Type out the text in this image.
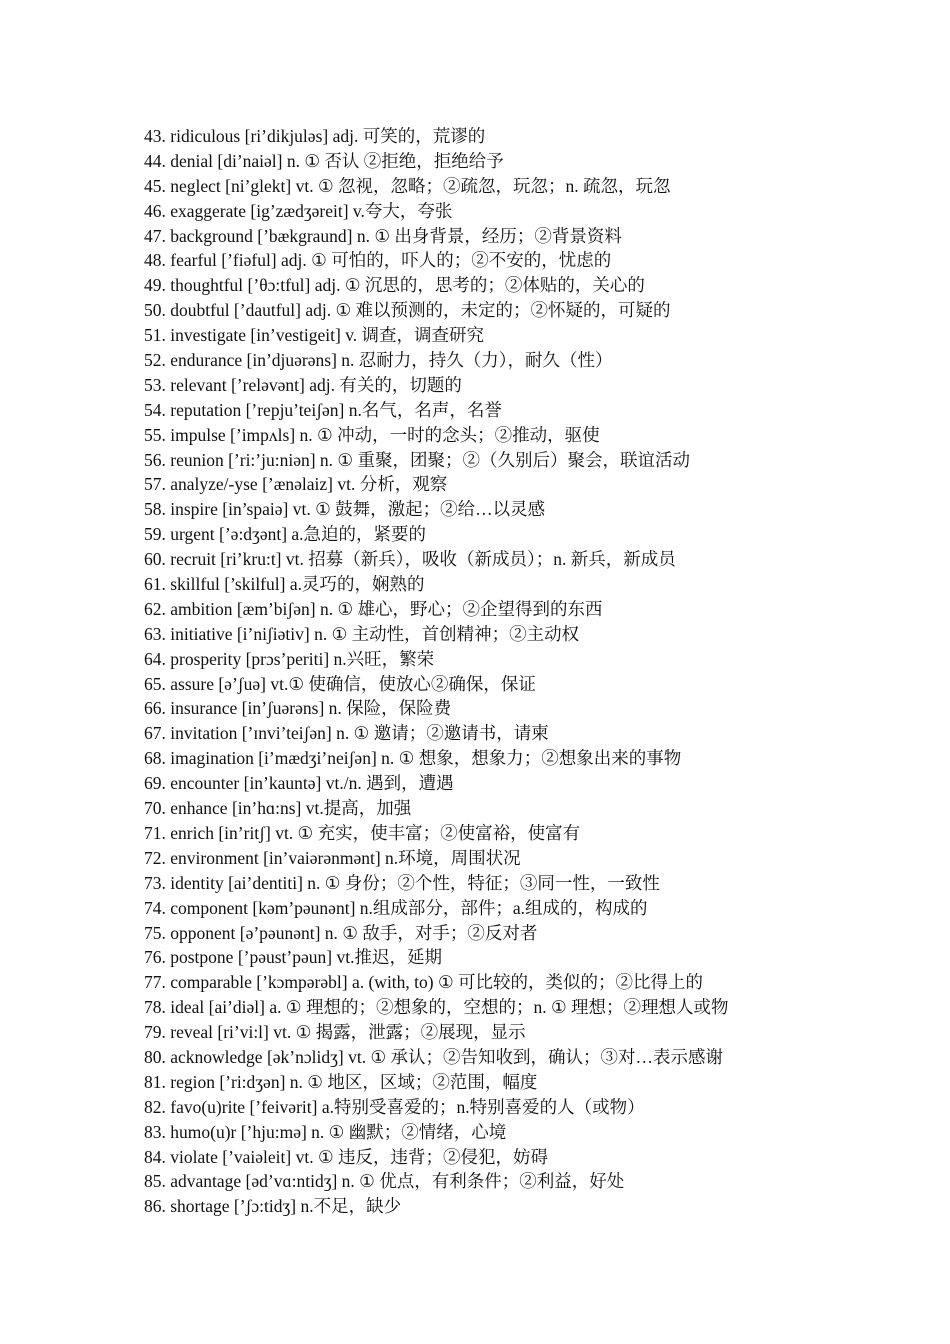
43. ridiculous [ri’dikjuləs] adj. 可笑的，荒谬的
44. denial [di’naiəl] n. ① 否认 ②拒绝，拒绝给予
45. neglect [ni’glekt] vt. ① 忽视，忽略；②疏忽，玩忽；n. 疏忽，玩忽
46. exaggerate [ig’zædʒəreit] v.夸大，夸张
47. background [’bækgraund] n. ① 出身背景，经历；②背景资料
48. fearful [’fiəful] adj. ① 可怕的，吓人的；②不安的，忧虑的
49. thoughtful [’θɔ:tful] adj. ① 沉思的，思考的；②体贴的，关心的
50. doubtful [’dautful] adj. ① 难以预测的，未定的；②怀疑的，可疑的
51. investigate [in’vestigeit] v. 调查，调查研究
52. endurance [in’djuərəns] n. 忍耐力，持久（力），耐久（性）
53. relevant [’reləvənt] adj. 有关的，切题的
54. reputation [’repju’teiʃən] n.名气，名声，名誉
55. impulse [’impʌls] n. ① 冲动，一时的念头；②推动，驱使
56. reunion [’ri:’ju:niən] n. ① 重聚，团聚；②（久别后）聚会，联谊活动
57. analyze/-yse [’ænəlaiz] vt. 分析，观察
58. inspire [in’spaiə] vt. ① 鼓舞，激起；②给…以灵感
59. urgent [’ə:dʒənt] a.急迫的，紧要的
60. recruit [ri’kru:t] vt. 招募（新兵），吸收（新成员）；n. 新兵，新成员
61. skillful [’skilful] a.灵巧的，娴熟的
62. ambition [æm’biʃən] n. ① 雄心，野心；②企望得到的东西
63. initiative [i’niʃiətiv] n. ① 主动性，首创精神；②主动权
64. prosperity [prɔs’periti] n.兴旺，繁荣
65. assure [ə’ʃuə] vt.① 使确信，使放心②确保，保证
66. insurance [in’ʃuərəns] n. 保险，保险费
67. invitation [’ɪnvi’teiʃən] n. ① 邀请；②邀请书，请柬
68. imagination [i’mædʒi’neiʃən] n. ① 想象，想象力；②想象出来的事物
69. encounter [in’kauntə] vt./n. 遇到，遭遇
70. enhance [in’hɑ:ns] vt.提高，加强
71. enrich [in’ritʃ] vt. ① 充实，使丰富；②使富裕，使富有
72. environment [in’vaiərənmənt] n.环境，周围状况
73. identity [ai’dentiti] n. ① 身份；②个性，特征；③同一性，一致性
74. component [kəm’pəunənt] n.组成部分，部件；a.组成的，构成的
75. opponent [ə’pəunənt] n. ① 敌手，对手；②反对者
76. postpone [’pəust’pəun] vt.推迟，延期
77. comparable [’kɔmpərəbl] a. (with, to) ① 可比较的，类似的；②比得上的
78. ideal [ai’diəl] a. ① 理想的；②想象的，空想的；n. ① 理想；②理想人或物
79. reveal [ri’vi:l] vt. ① 揭露，泄露；②展现，显示
80. acknowledge [ək’nɔlidʒ] vt. ① 承认；②告知收到，确认；③对…表示感谢
81. region [’ri:dʒən] n. ① 地区，区域；②范围，幅度
82. favo(u)rite [’feivərit] a.特别受喜爱的；n.特别喜爱的人（或物）
83. humo(u)r [’hju:mə] n. ① 幽默；②情绪，心境
84. violate [’vaiəleit] vt. ① 违反，违背；②侵犯，妨碍
85. advantage [əd’vɑ:ntidʒ] n. ① 优点，有利条件；②利益，好处
86. shortage [’ʃɔ:tidʒ] n.不足，缺少
